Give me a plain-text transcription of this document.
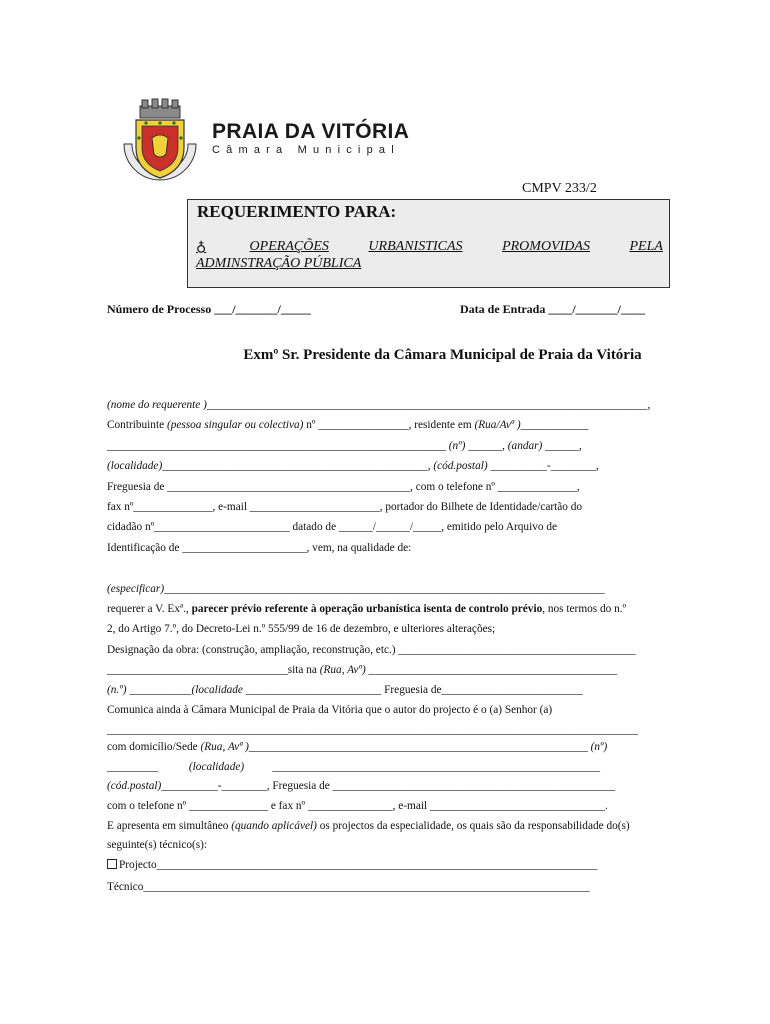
PRAIA DA VITÓRIA
Câmara Municipal
CMPV 233/2
REQUERIMENTO PARA:
♁	OPERAÇÕES	URBANISTICAS	PROMOVIDAS	PELA
ADMINSTRAÇÃO PÚBLICA
Número de Processo ___/_______/_____	Data de Entrada ____/_______/____
Exmº Sr. Presidente da Câmara Municipal de Praia da Vitória
(nome do requerente )______________________________________________________________________________,
Contribuinte (pessoa singular ou colectiva) nº ________________, residente em (Rua/Avª )____________
____________________________________________________________ (nº) ______, (andar) ______,
(localidade)_______________________________________________, (cód.postal) __________-________,
Freguesia de ___________________________________________, com o telefone nº ______________,
fax nº______________, e-mail _______________________, portador do Bilhete de Identidade/cartão do
cidadão nº________________________ datado de ______/______/_____, emitido pelo Arquivo de
Identificação de ______________________, vem, na qualidade de:
(especificar)______________________________________________________________________________
requerer a V. Exª., parecer prévio referente à operação urbanística isenta de controlo prévio, nos termos do n.º
2, do Artigo 7.º, do Decreto-Lei n.º 555/99 de 16 de dezembro, e ulteriores alterações;
Designação da obra: (construção, ampliação, reconstrução, etc.) __________________________________________
________________________________sita na (Rua, Avº) ____________________________________________
(n.º) ___________(localidade ________________________ Freguesia de_________________________
Comunica ainda à Câmara Municipal de Praia da Vitória que o autor do projecto é o (a) Senhor (a)
______________________________________________________________________________________________
com domicílio/Sede (Rua, Avª )____________________________________________________________ (nº)
_________           (localidade)          __________________________________________________________
(cód.postal)__________-________, Freguesia de __________________________________________________
com o telefone nº ______________ e fax nº _______________, e-mail _______________________________.
E apresenta em simultâneo (quando aplicável) os projectos da especialidade, os quais são da responsabilidade do(s)
seguinte(s) técnico(s):
Projecto______________________________________________________________________________
Técnico_______________________________________________________________________________
